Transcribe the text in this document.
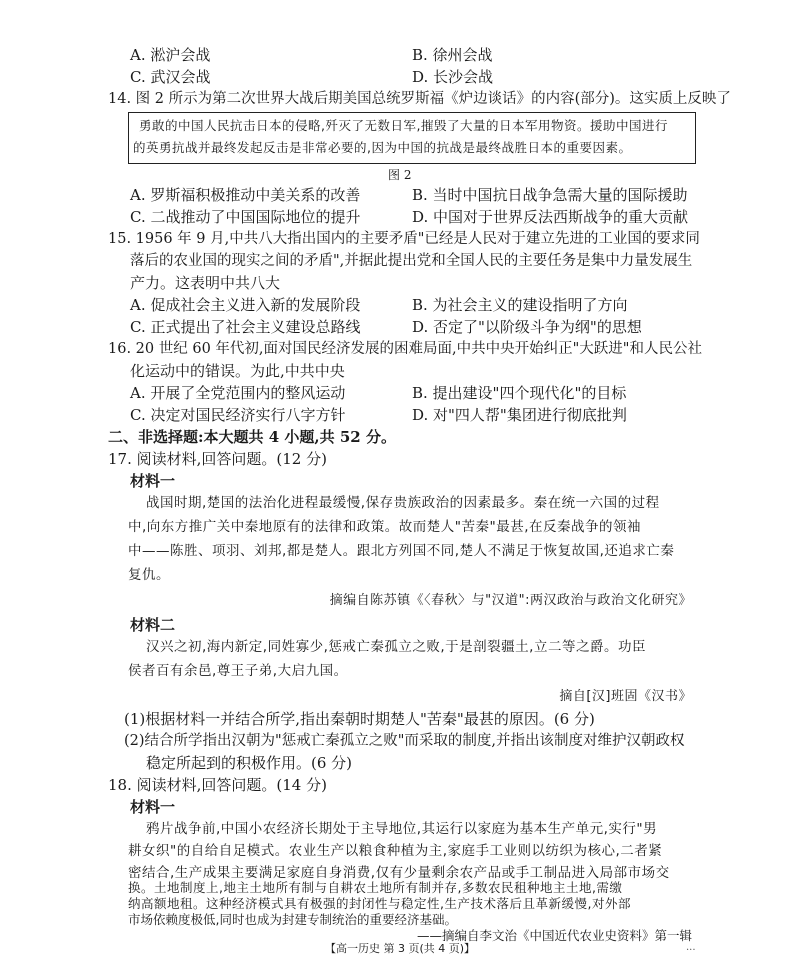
A. 淞沪会战	B. 徐州会战
C. 武汉会战	D. 长沙会战
14. 图 2 所示为第二次世界大战后期美国总统罗斯福《炉边谈话》的内容(部分)。这实质上反映了
勇敢的中国人民抗击日本的侵略,歼灭了无数日军,摧毁了大量的日本军用物资。援助中国进行
的英勇抗战并最终发起反击是非常必要的,因为中国的抗战是最终战胜日本的重要因素。
图 2
A. 罗斯福积极推动中美关系的改善	B. 当时中国抗日战争急需大量的国际援助
C. 二战推动了中国国际地位的提升	D. 中国对于世界反法西斯战争的重大贡献
15. 1956 年 9 月,中共八大指出国内的主要矛盾"已经是人民对于建立先进的工业国的要求同
落后的农业国的现实之间的矛盾",并据此提出党和全国人民的主要任务是集中力量发展生
产力。这表明中共八大
A. 促成社会主义进入新的发展阶段	B. 为社会主义的建设指明了方向
C. 正式提出了社会主义建设总路线	D. 否定了"以阶级斗争为纲"的思想
16. 20 世纪 60 年代初,面对国民经济发展的困难局面,中共中央开始纠正"大跃进"和人民公社
化运动中的错误。为此,中共中央
A. 开展了全党范围内的整风运动	B. 提出建设"四个现代化"的目标
C. 决定对国民经济实行八字方针	D. 对"四人帮"集团进行彻底批判
二、非选择题:本大题共 4 小题,共 52 分。
17. 阅读材料,回答问题。(12 分)
材料一
战国时期,楚国的法治化进程最缓慢,保存贵族政治的因素最多。秦在统一六国的过程
中,向东方推广关中秦地原有的法律和政策。故而楚人"苦秦"最甚,在反秦战争的领袖
中——陈胜、项羽、刘邦,都是楚人。跟北方列国不同,楚人不满足于恢复故国,还追求亡秦
复仇。
摘编自陈苏镇《〈春秋〉与"汉道":两汉政治与政治文化研究》
材料二
汉兴之初,海内新定,同姓寡少,惩戒亡秦孤立之败,于是剖裂疆土,立二等之爵。功臣
侯者百有余邑,尊王子弟,大启九国。
摘自[汉]班固《汉书》
(1)根据材料一并结合所学,指出秦朝时期楚人"苦秦"最甚的原因。(6 分)
(2)结合所学指出汉朝为"惩戒亡秦孤立之败"而采取的制度,并指出该制度对维护汉朝政权
稳定所起到的积极作用。(6 分)
18. 阅读材料,回答问题。(14 分)
材料一
鸦片战争前,中国小农经济长期处于主导地位,其运行以家庭为基本生产单元,实行"男
耕女织"的自给自足模式。农业生产以粮食种植为主,家庭手工业则以纺织为核心,二者紧
密结合,生产成果主要满足家庭自身消费,仅有少量剩余农产品或手工制品进入局部市场交
换。土地制度上,地主土地所有制与自耕农土地所有制并存,多数农民租种地主土地,需缴
纳高额地租。这种经济模式具有极强的封闭性与稳定性,生产技术落后且革新缓慢,对外部
市场依赖度极低,同时也成为封建专制统治的重要经济基础。
——摘编自李文治《中国近代农业史资料》第一辑
【高一历史 第 3 页(共 4 页)】	...
